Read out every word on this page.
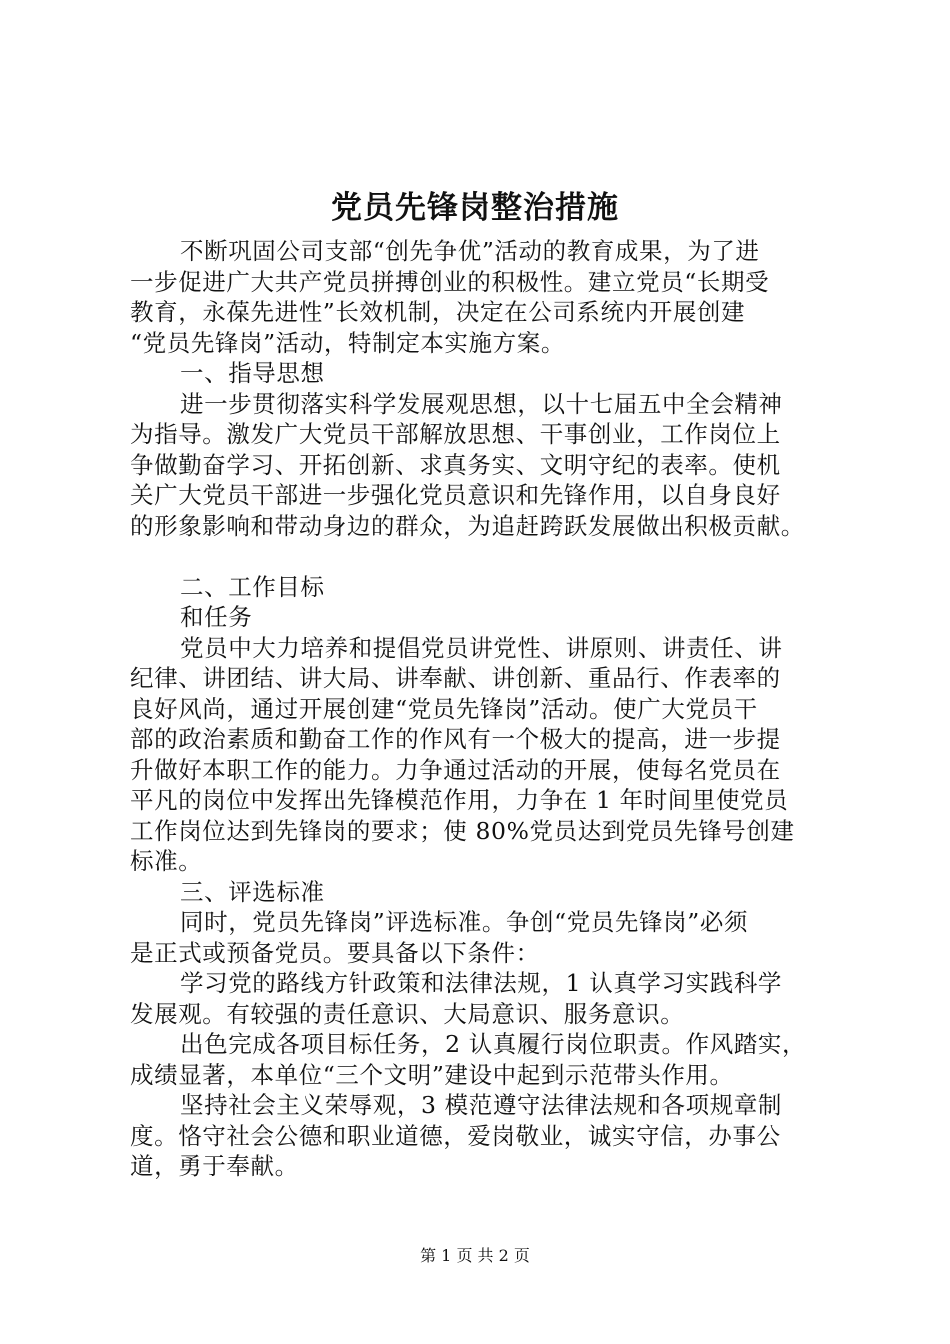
党员先锋岗整治措施
不断巩固公司支部“创先争优”活动的教育成果，为了进
一步促进广大共产党员拼搏创业的积极性。建立党员“长期受
教育，永葆先进性”长效机制，决定在公司系统内开展创建
“党员先锋岗”活动，特制定本实施方案。
一、指导思想
进一步贯彻落实科学发展观思想，以十七届五中全会精神
为指导。激发广大党员干部解放思想、干事创业，工作岗位上
争做勤奋学习、开拓创新、求真务实、文明守纪的表率。使机
关广大党员干部进一步强化党员意识和先锋作用，以自身良好
的形象影响和带动身边的群众，为追赶跨跃发展做出积极贡献。
二、工作目标
和任务
党员中大力培养和提倡党员讲党性、讲原则、讲责任、讲
纪律、讲团结、讲大局、讲奉献、讲创新、重品行、作表率的
良好风尚，通过开展创建“党员先锋岗”活动。使广大党员干
部的政治素质和勤奋工作的作风有一个极大的提高，进一步提
升做好本职工作的能力。力争通过活动的开展，使每名党员在
平凡的岗位中发挥出先锋模范作用，力争在 1 年时间里使党员
工作岗位达到先锋岗的要求；使 80%党员达到党员先锋号创建
标准。
三、评选标准
同时，党员先锋岗”评选标准。争创“党员先锋岗”必须
是正式或预备党员。要具备以下条件：
学习党的路线方针政策和法律法规，1 认真学习实践科学
发展观。有较强的责任意识、大局意识、服务意识。
出色完成各项目标任务，2 认真履行岗位职责。作风踏实，
成绩显著，本单位“三个文明”建设中起到示范带头作用。
坚持社会主义荣辱观，3 模范遵守法律法规和各项规章制
度。恪守社会公德和职业道德，爱岗敬业，诚实守信，办事公
道，勇于奉献。
第 1 页 共 2 页
